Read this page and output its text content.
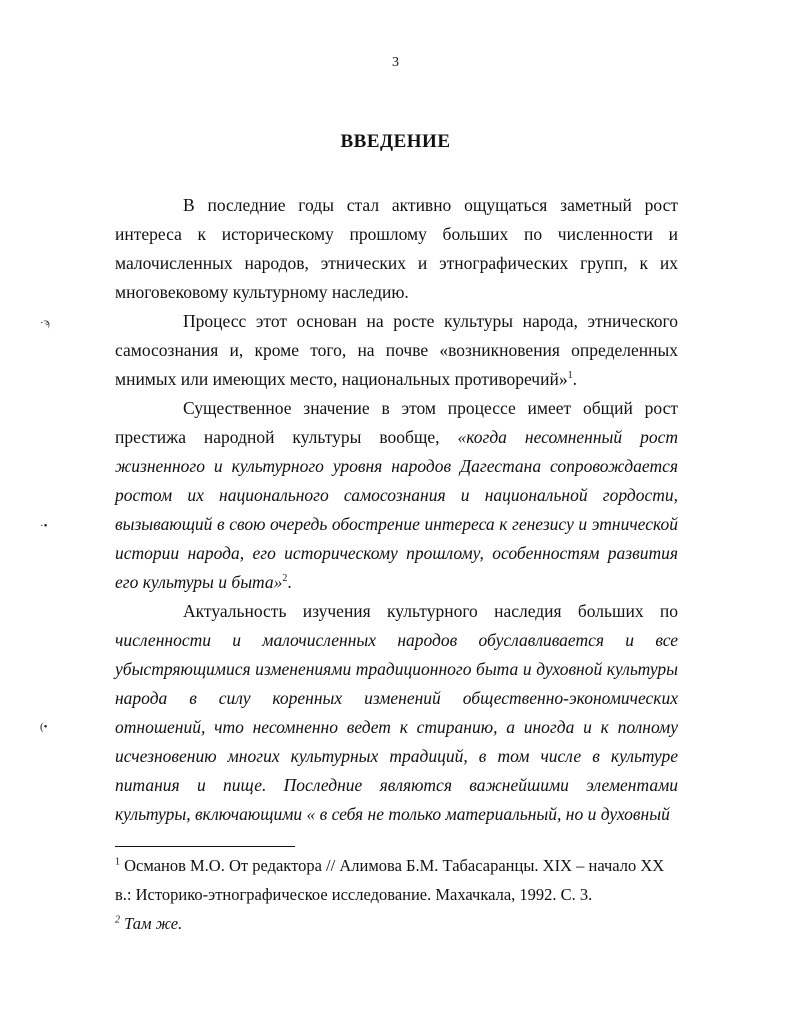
3
ВВЕДЕНИЕ

В последние годы стал активно ощущаться заметный рост интереса к историческому прошлому больших по численности и малочисленных народов, этнических и этнографических групп, к их многовековому культурному наследию.

Процесс этот основан на росте культуры народа, этнического самосознания и, кроме того, на почве «возникновения определенных мнимых или имеющих место, национальных противоречий»$^1$.

Существенное значение в этом процессе имеет общий рост престижа народной культуры вообще, «когда несомненный рост жизненного и культурного уровня народов Дагестана сопровождается ростом их национального самосознания и национальной гордости, вызывающий в свою очередь обострение интереса к генезису и этнической истории народа, его историческому прошлому, особенностям развития его культуры и быта»$^2$.

Актуальность изучения культурного наследия больших по численности и малочисленных народов обуславливается и все убыстряющимися изменениями традиционного быта и духовной культуры народа в силу коренных изменений общественно-экономических отношений, что несомненно ведет к стиранию, а иногда и к полному исчезновению многих культурных традиций, в том числе в культуре питания и пище. Последние являются важнейшими элементами культуры, включающими « в себя не только материальный, но и духовный

$^1$ Османов М.О. От редактора // Алимова Б.М. Табасаранцы. XIX – начало XX в.: Историко-этнографическое исследование. Махачкала, 1992. С. 3.

$^2$ Там же.

·ϡ
·•
(•
